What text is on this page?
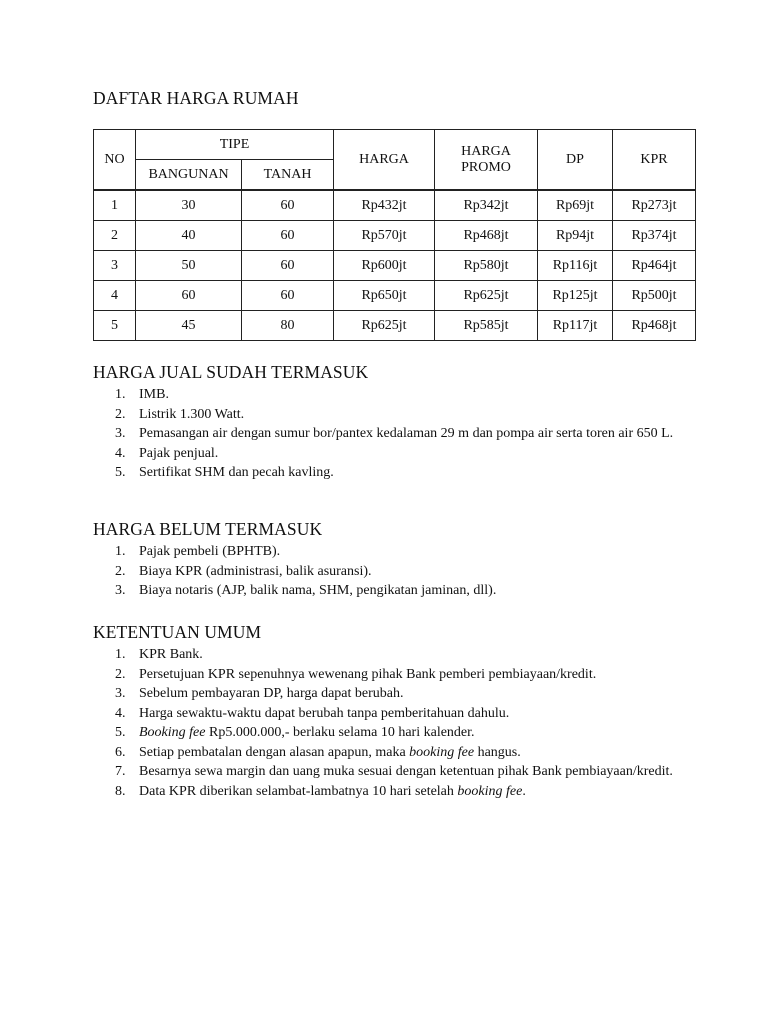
DAFTAR HARGA RUMAH
NO	TIPE		HARGA	HARGA PROMO	DP	KPR
	BANGUNAN	TANAH				
1	30	60	Rp432jt	Rp342jt	Rp69jt	Rp273jt
2	40	60	Rp570jt	Rp468jt	Rp94jt	Rp374jt
3	50	60	Rp600jt	Rp580jt	Rp116jt	Rp464jt
4	60	60	Rp650jt	Rp625jt	Rp125jt	Rp500jt
5	45	80	Rp625jt	Rp585jt	Rp117jt	Rp468jt
HARGA JUAL SUDAH TERMASUK
1. IMB.
2. Listrik 1.300 Watt.
3. Pemasangan air dengan sumur bor/pantex kedalaman 29 m dan pompa air serta toren air 650 L.
4. Pajak penjual.
5. Sertifikat SHM dan pecah kavling.
HARGA BELUM TERMASUK
1. Pajak pembeli (BPHTB).
2. Biaya KPR (administrasi, balik asuransi).
3. Biaya notaris (AJP, balik nama, SHM, pengikatan jaminan, dll).
KETENTUAN UMUM
1. KPR Bank.
2. Persetujuan KPR sepenuhnya wewenang pihak Bank pemberi pembiayaan/kredit.
3. Sebelum pembayaran DP, harga dapat berubah.
4. Harga sewaktu-waktu dapat berubah tanpa pemberitahuan dahulu.
5. Booking fee Rp5.000.000,- berlaku selama 10 hari kalender.
6. Setiap pembatalan dengan alasan apapun, maka booking fee hangus.
7. Besarnya sewa margin dan uang muka sesuai dengan ketentuan pihak Bank pembiayaan/kredit.
8. Data KPR diberikan selambat-lambatnya 10 hari setelah booking fee.
